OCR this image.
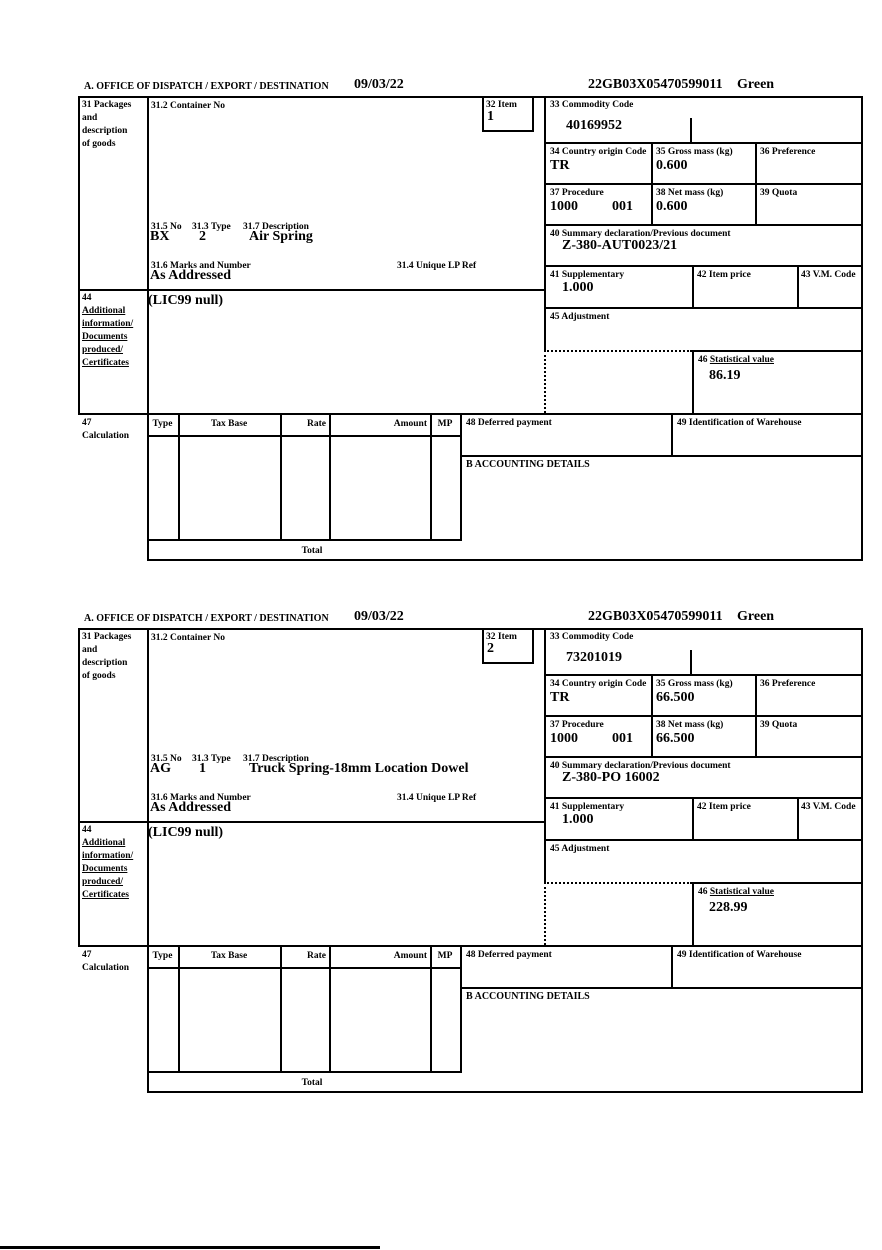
A. OFFICE OF DISPATCH / EXPORT / DESTINATION 09/03/22	22GB03X05470599011 Green
31 Packages
and
description
of goods
31.2 Container No
31.5 No 31.3 Type 31.7 Description
BX 2	Air Spring
31.6 Marks and Number	31.4 Unique LP Ref
As Addressed
44
Additional
information/
Documents
produced/
Certificates
(LIC99 null)
47
Calculation
32 Item
1
33 Commodity Code
40169952
34 Country origin Code
TR
35 Gross mass (kg)
0.600
36 Preference
37 Procedure
1000 001
38 Net mass (kg)
0.600
39 Quota
40 Summary declaration/Previous document
Z-380-AUT0023/21
41 Supplementary
1.000
42 Item price	43 V.M. Code
45 Adjustment
46 Statistical value
86.19
Type	Tax Base	Rate	Amount	MP	48 Deferred payment	49 Identification of Warehouse
B ACCOUNTING DETAILS
Total
A. OFFICE OF DISPATCH / EXPORT / DESTINATION 09/03/22	22GB03X05470599011 Green
31 Packages
and
description
of goods
31.2 Container No
31.5 No 31.3 Type 31.7 Description
AG 1	Truck Spring-18mm Location Dowel
31.6 Marks and Number	31.4 Unique LP Ref
As Addressed
44
Additional
information/
Documents
produced/
Certificates
(LIC99 null)
47
Calculation
32 Item
2
33 Commodity Code
73201019
34 Country origin Code
TR
35 Gross mass (kg)
66.500
36 Preference
37 Procedure
1000 001
38 Net mass (kg)
66.500
39 Quota
40 Summary declaration/Previous document
Z-380-PO 16002
41 Supplementary
1.000
42 Item price	43 V.M. Code
45 Adjustment
46 Statistical value
228.99
Type	Tax Base	Rate	Amount	MP	48 Deferred payment	49 Identification of Warehouse
B ACCOUNTING DETAILS
Total
